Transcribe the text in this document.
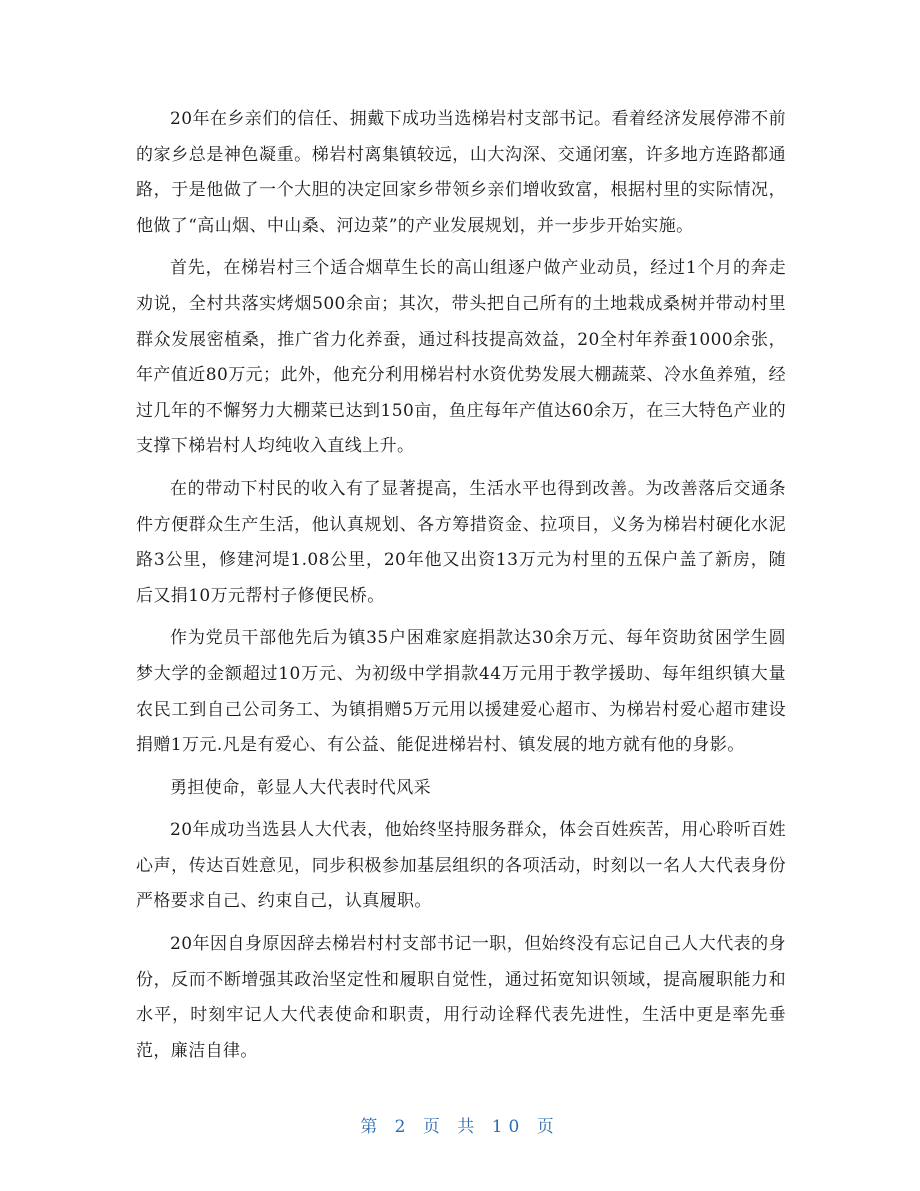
20年在乡亲们的信任、拥戴下成功当选梯岩村支部书记。看着经济发展停滞不前的家乡总是神色凝重。梯岩村离集镇较远，山大沟深、交通闭塞，许多地方连路都通路，于是他做了一个大胆的决定回家乡带领乡亲们增收致富，根据村里的实际情况，他做了“高山烟、中山桑、河边菜”的产业发展规划，并一步步开始实施。

首先，在梯岩村三个适合烟草生长的高山组逐户做产业动员，经过1个月的奔走劝说，全村共落实烤烟500余亩；其次，带头把自己所有的土地栽成桑树并带动村里群众发展密植桑，推广省力化养蚕，通过科技提高效益，20全村年养蚕1000余张，年产值近80万元；此外，他充分利用梯岩村水资优势发展大棚蔬菜、冷水鱼养殖，经过几年的不懈努力大棚菜已达到150亩，鱼庄每年产值达60余万，在三大特色产业的支撑下梯岩村人均纯收入直线上升。

在的带动下村民的收入有了显著提高，生活水平也得到改善。为改善落后交通条件方便群众生产生活，他认真规划、各方筹措资金、拉项目，义务为梯岩村硬化水泥路3公里，修建河堤1.08公里，20年他又出资13万元为村里的五保户盖了新房，随后又捐10万元帮村子修便民桥。

作为党员干部他先后为镇35户困难家庭捐款达30余万元、每年资助贫困学生圆梦大学的金额超过10万元、为初级中学捐款44万元用于教学援助、每年组织镇大量农民工到自己公司务工、为镇捐赠5万元用以援建爱心超市、为梯岩村爱心超市建设捐赠1万元.凡是有爱心、有公益、能促进梯岩村、镇发展的地方就有他的身影。

勇担使命，彰显人大代表时代风采

20年成功当选县人大代表，他始终坚持服务群众，体会百姓疾苦，用心聆听百姓心声，传达百姓意见，同步积极参加基层组织的各项活动，时刻以一名人大代表身份严格要求自己、约束自己，认真履职。

20年因自身原因辞去梯岩村村支部书记一职，但始终没有忘记自己人大代表的身份，反而不断增强其政治坚定性和履职自觉性，通过拓宽知识领域，提高履职能力和水平，时刻牢记人大代表使命和职责，用行动诠释代表先进性，生活中更是率先垂范，廉洁自律。

第 2 页 共 10 页
